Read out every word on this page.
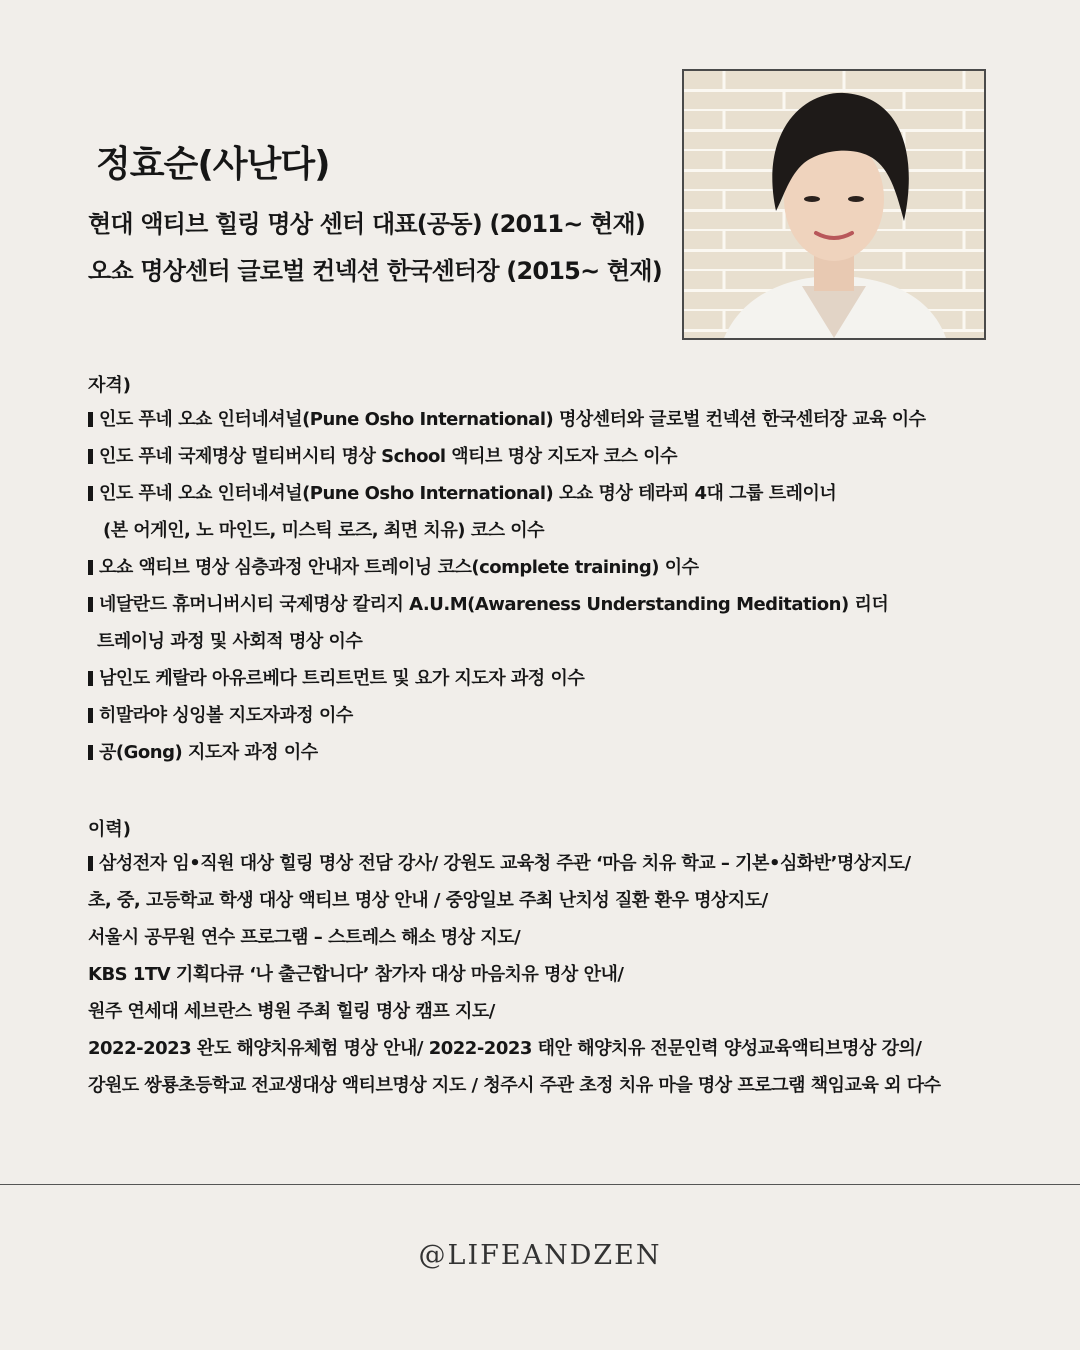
정효순(사난다)

현대 액티브 힐링 명상 센터 대표(공동) (2011~ 현재)

오쇼 명상센터 글로벌 컨넥션 한국센터장 (2015~ 현재)

자격)

인도 푸네 오쇼 인터네셔널(Pune Osho International) 명상센터와 글로벌 컨넥션 한국센터장 교육 이수
인도 푸네 국제명상 멀티버시티 명상 School 액티브 명상 지도자 코스 이수
인도 푸네 오쇼 인터네셔널(Pune Osho International) 오쇼 명상 테라피 4대 그룹 트레이너
(본 어게인, 노 마인드, 미스틱 로즈, 최면 치유) 코스 이수
오쇼 액티브 명상 심층과정 안내자 트레이닝 코스(complete training) 이수
네달란드 휴머니버시티 국제명상 칼리지 A.U.M(Awareness Understanding Meditation) 리더
트레이닝 과정 및 사회적 명상 이수
남인도 케랄라 아유르베다 트리트먼트 및 요가 지도자 과정 이수
히말라야 싱잉볼 지도자과정 이수
공(Gong) 지도자 과정 이수

이력)

삼성전자 임•직원 대상 힐링 명상 전담 강사/ 강원도 교육청 주관 ‘마음 치유 학교 – 기본•심화반’명상지도/
초, 중, 고등학교 학생 대상 액티브 명상 안내 / 중앙일보 주최 난치성 질환 환우 명상지도/
서울시 공무원 연수 프로그램 – 스트레스 해소 명상 지도/
KBS 1TV 기획다큐 ‘나 출근합니다’ 참가자 대상 마음치유 명상 안내/
원주 연세대 세브란스 병원 주최 힐링 명상 캠프 지도/
2022-2023 완도 해양치유체험 명상 안내/ 2022-2023 태안 해양치유 전문인력 양성교육액티브명상 강의/
강원도 쌍룡초등학교 전교생대상 액티브명상 지도 / 청주시 주관 초정 치유 마을 명상 프로그램 책임교육 외 다수

@LIFEANDZEN
